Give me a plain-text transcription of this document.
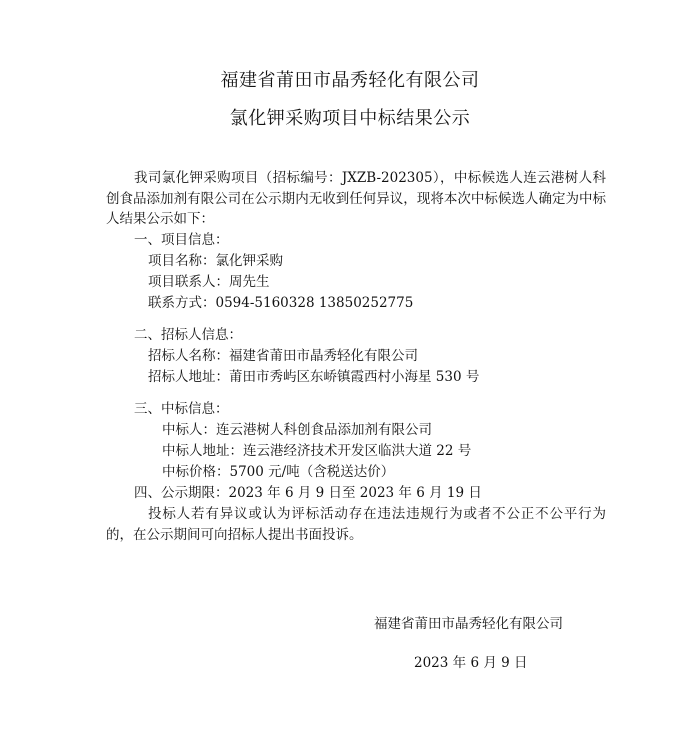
福建省莆田市晶秀轻化有限公司
氯化钾采购项目中标结果公示
我司氯化钾采购项目（招标编号：JXZB-202305），中标候选人连云港树人科创食品添加剂有限公司在公示期内无收到任何异议，现将本次中标候选人确定为中标人结果公示如下：
一、项目信息：
项目名称：氯化钾采购
项目联系人：周先生
联系方式：0594-5160328 13850252775
二、招标人信息：
招标人名称：福建省莆田市晶秀轻化有限公司
招标人地址：莆田市秀屿区东峤镇霞西村小海星 530 号
三、中标信息：
中标人：连云港树人科创食品添加剂有限公司
中标人地址：连云港经济技术开发区临洪大道 22 号
中标价格：5700 元/吨（含税送达价）
四、公示期限：2023 年 6 月 9 日至 2023 年 6 月 19 日
投标人若有异议或认为评标活动存在违法违规行为或者不公正不公平行为的，在公示期间可向招标人提出书面投诉。
福建省莆田市晶秀轻化有限公司
2023 年 6 月 9 日
